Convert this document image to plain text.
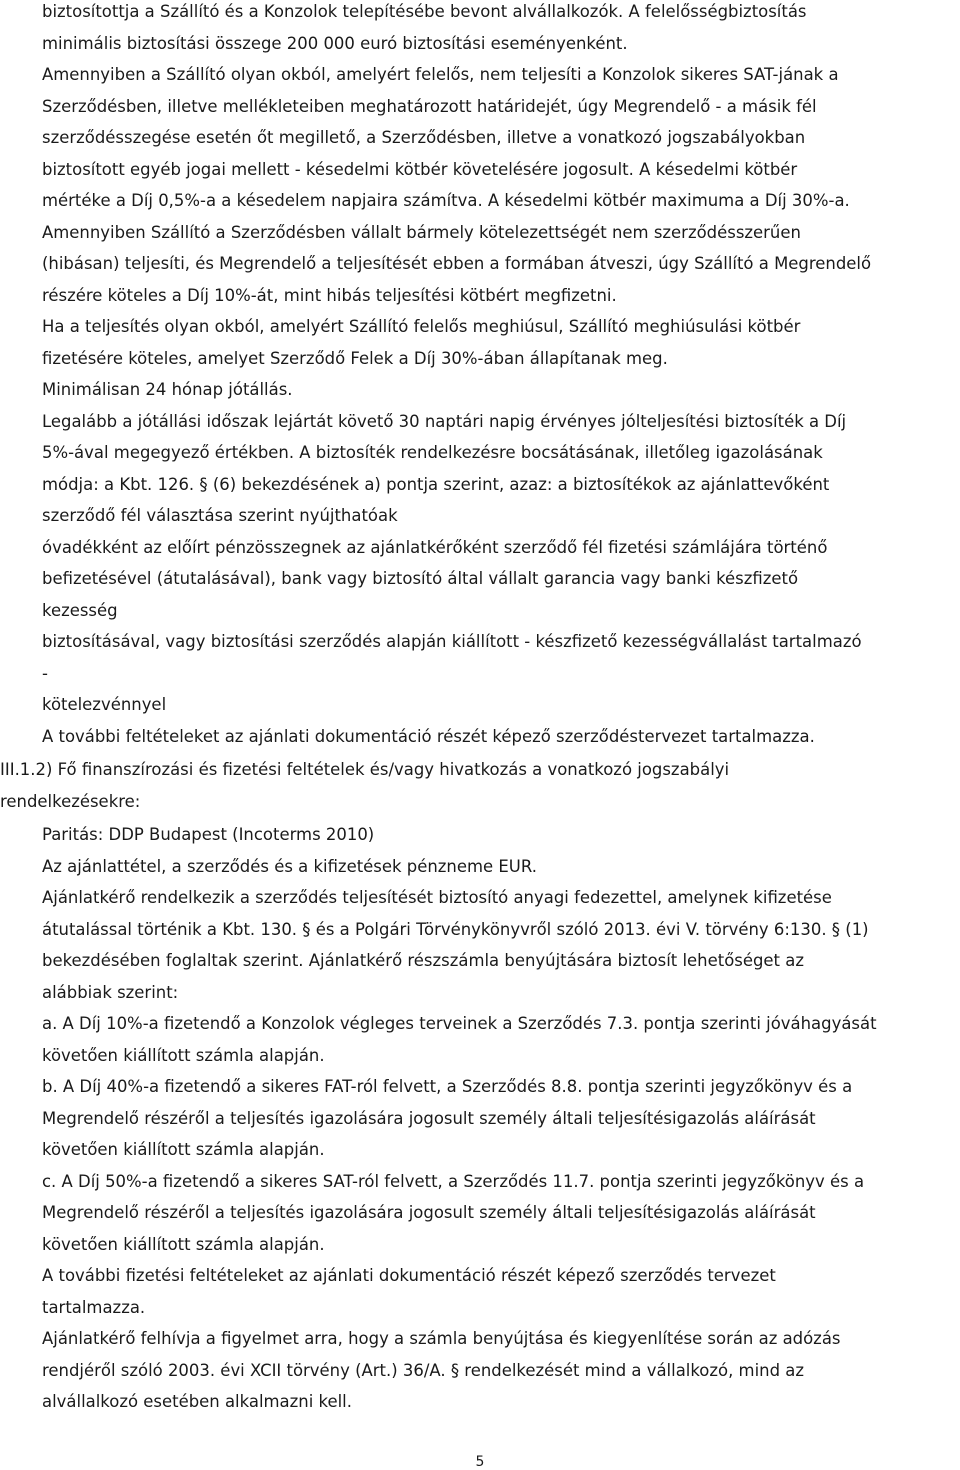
biztosítottja a Szállító és a Konzolok telepítésébe bevont alvállalkozók. A felelősségbiztosítás
minimális biztosítási összege 200 000 euró biztosítási eseményenként.
Amennyiben a Szállító olyan okból, amelyért felelős, nem teljesíti a Konzolok sikeres SAT-jának a
Szerződésben, illetve mellékleteiben meghatározott határidejét, úgy Megrendelő - a másik fél
szerződésszegése esetén őt megillető, a Szerződésben, illetve a vonatkozó jogszabályokban
biztosított egyéb jogai mellett - késedelmi kötbér követelésére jogosult. A késedelmi kötbér
mértéke a Díj 0,5%-a a késedelem napjaira számítva. A késedelmi kötbér maximuma a Díj 30%-a.
Amennyiben Szállító a Szerződésben vállalt bármely kötelezettségét nem szerződésszerűen
(hibásan) teljesíti, és Megrendelő a teljesítését ebben a formában átveszi, úgy Szállító a Megrendelő
részére köteles a Díj 10%-át, mint hibás teljesítési kötbért megfizetni.
Ha a teljesítés olyan okból, amelyért Szállító felelős meghiúsul, Szállító meghiúsulási kötbér
fizetésére köteles, amelyet Szerződő Felek a Díj 30%-ában állapítanak meg.
Minimálisan 24 hónap jótállás.
Legalább a jótállási időszak lejártát követő 30 naptári napig érvényes jólteljesítési biztosíték a Díj
5%-ával megegyező értékben. A biztosíték rendelkezésre bocsátásának, illetőleg igazolásának
módja: a Kbt. 126. § (6) bekezdésének a) pontja szerint, azaz: a biztosítékok az ajánlattevőként
szerződő fél választása szerint nyújthatóak
óvadékként az előírt pénzösszegnek az ajánlatkérőként szerződő fél fizetési számlájára történő
befizetésével (átutalásával), bank vagy biztosító által vállalt garancia vagy banki készfizető
kezesség
biztosításával, vagy biztosítási szerződés alapján kiállított - készfizető kezességvállalást tartalmazó
-
kötelezvénnyel
A további feltételeket az ajánlati dokumentáció részét képező szerződéstervezet tartalmazza.
III.1.2) Fő finanszírozási és fizetési feltételek és/vagy hivatkozás a vonatkozó jogszabályi
rendelkezésekre:
Paritás: DDP Budapest (Incoterms 2010)
Az ajánlattétel, a szerződés és a kifizetések pénzneme EUR.
Ajánlatkérő rendelkezik a szerződés teljesítését biztosító anyagi fedezettel, amelynek kifizetése
átutalással történik a Kbt. 130. § és a Polgári Törvénykönyvről szóló 2013. évi V. törvény 6:130. § (1)
bekezdésében foglaltak szerint. Ajánlatkérő részszámla benyújtására biztosít lehetőséget az
alábbiak szerint:
a. A Díj 10%-a fizetendő a Konzolok végleges terveinek a Szerződés 7.3. pontja szerinti jóváhagyását
követően kiállított számla alapján.
b. A Díj 40%-a fizetendő a sikeres FAT-ról felvett, a Szerződés 8.8. pontja szerinti jegyzőkönyv és a
Megrendelő részéről a teljesítés igazolására jogosult személy általi teljesítésigazolás aláírását
követően kiállított számla alapján.
c. A Díj 50%-a fizetendő a sikeres SAT-ról felvett, a Szerződés 11.7. pontja szerinti jegyzőkönyv és a
Megrendelő részéről a teljesítés igazolására jogosult személy általi teljesítésigazolás aláírását
követően kiállított számla alapján.
A további fizetési feltételeket az ajánlati dokumentáció részét képező szerződés tervezet
tartalmazza.
Ajánlatkérő felhívja a figyelmet arra, hogy a számla benyújtása és kiegyenlítése során az adózás
rendjéről szóló 2003. évi XCII törvény (Art.) 36/A. § rendelkezését mind a vállalkozó, mind az
alvállalkozó esetében alkalmazni kell.
5
